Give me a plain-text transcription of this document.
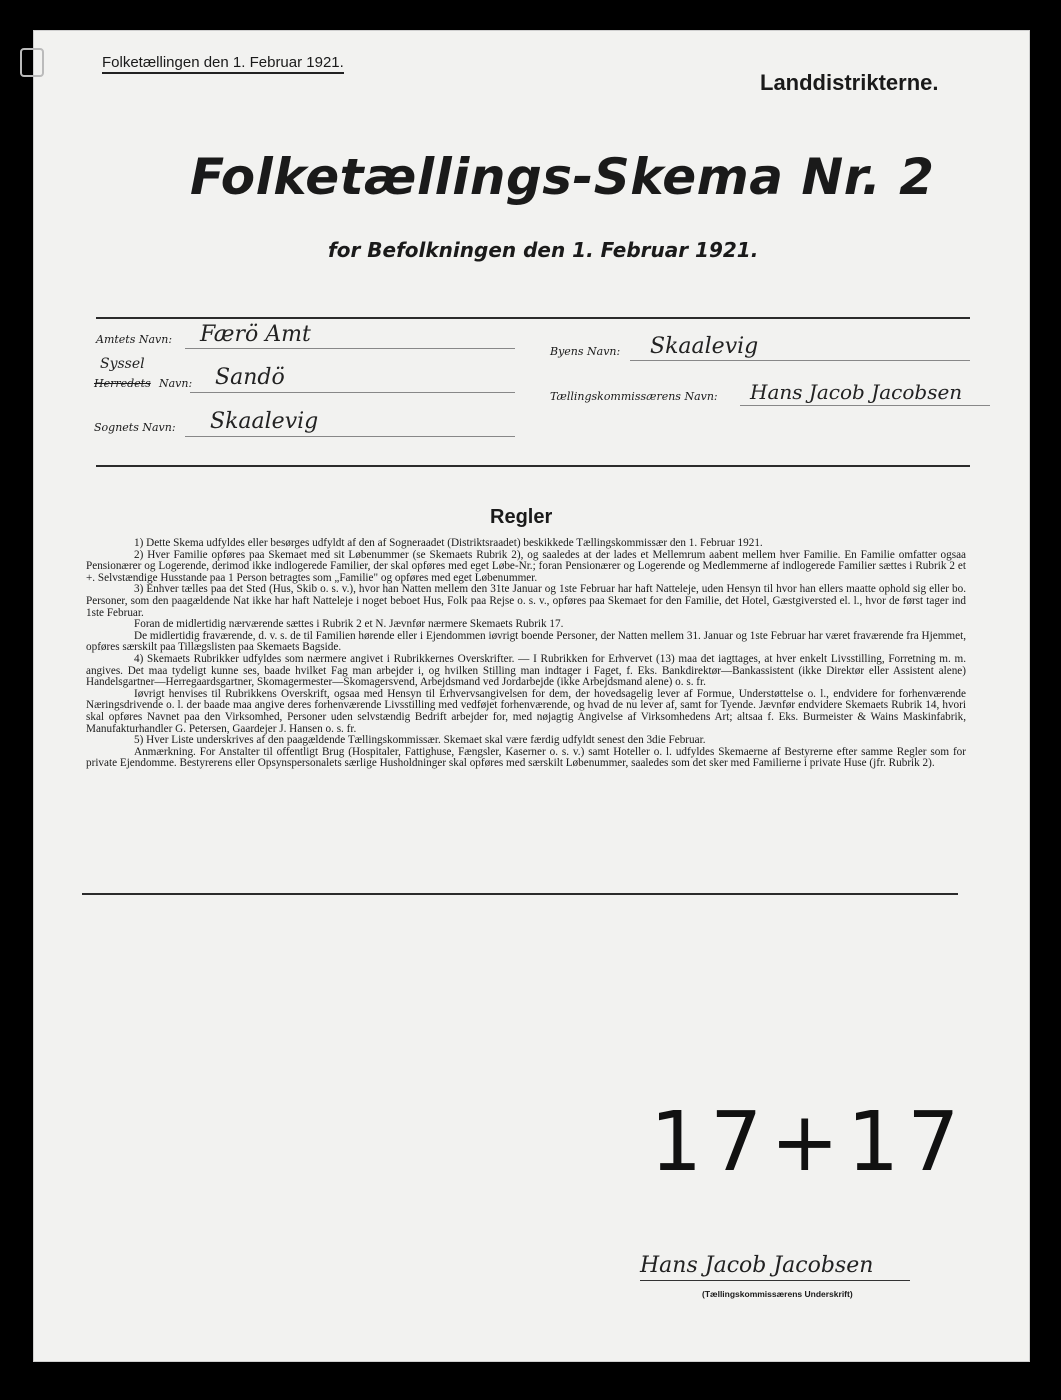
Folketællingen den 1. Februar 1921.
Landdistrikterne.
Folketællings-Skema Nr. 2
for Befolkningen den 1. Februar 1921.
Amtets Navn: Færö Amt
Syssel
Herredets Navn: Sandö
Sognets Navn: Skaalevig
Byens Navn: Skaalevig
Tællingskommissærens Navn: Hans Jacob Jacobsen
Regler

1) Dette Skema udfyldes eller besørges udfyldt af den af Sogneraadet (Distriktsraadet) beskikkede Tællingskommissær den 1. Februar 1921.

2) Hver Familie opføres paa Skemaet med sit Løbenummer (se Skemaets Rubrik 2), og saaledes at der lades et Mellemrum aabent mellem hver Familie. En Familie omfatter ogsaa Pensionærer og Logerende, derimod ikke indlogerede Familier, der skal opføres med eget Løbe-Nr.; foran Pensionærer og Logerende og Medlemmerne af indlogerede Familier sættes i Rubrik 2 et +. Selvstændige Husstande paa 1 Person betragtes som „Familie" og opføres med eget Løbenummer.

3) Enhver tælles paa det Sted (Hus, Skib o. s. v.), hvor han Natten mellem den 31te Januar og 1ste Februar har haft Natteleje, uden Hensyn til hvor han ellers maatte ophold sig eller bo. Personer, som den paagældende Nat ikke har haft Natteleje i noget beboet Hus, Folk paa Rejse o. s. v., opføres paa Skemaet for den Familie, det Hotel, Gæstgiversted el. l., hvor de først tager ind 1ste Februar.

Foran de midlertidig nærværende sættes i Rubrik 2 et N. Jævnfør nærmere Skemaets Rubrik 17.

De midlertidig fraværende, d. v. s. de til Familien hørende eller i Ejendommen iøvrigt boende Personer, der Natten mellem 31. Januar og 1ste Februar har været fraværende fra Hjemmet, opføres særskilt paa Tillægslisten paa Skemaets Bagside.

4) Skemaets Rubrikker udfyldes som nærmere angivet i Rubrikkernes Overskrifter. — I Rubrikken for Erhvervet (13) maa det iagttages, at hver enkelt Livsstilling, Forretning m. m. angives. Det maa tydeligt kunne ses, baade hvilket Fag man arbejder i, og hvilken Stilling man indtager i Faget, f. Eks. Bankdirektør—Bankassistent (ikke Direktør eller Assistent alene) Handelsgartner—Herregaardsgartner, Skomagermester—Skomagersvend, Arbejdsmand ved Jordarbejde (ikke Arbejdsmand alene) o. s. fr.

Iøvrigt henvises til Rubrikkens Overskrift, ogsaa med Hensyn til Erhvervsangivelsen for dem, der hovedsagelig lever af Formue, Understøttelse o. l., endvidere for forhenværende Næringsdrivende o. l. der baade maa angive deres forhenværende Livsstilling med vedføjet forhenværende, og hvad de nu lever af, samt for Tyende. Jævnfør endvidere Skemaets Rubrik 14, hvori skal opføres Navnet paa den Virksomhed, Personer uden selvstændig Bedrift arbejder for, med nøjagtig Angivelse af Virksomhedens Art; altsaa f. Eks. Burmeister & Wains Maskinfabrik, Manufakturhandler G. Petersen, Gaardejer J. Hansen o. s. fr.

5) Hver Liste underskrives af den paagældende Tællingskommissær. Skemaet skal være færdig udfyldt senest den 3die Februar.

Anmærkning. For Anstalter til offentligt Brug (Hospitaler, Fattighuse, Fængsler, Kaserner o. s. v.) samt Hoteller o. l. udfyldes Skemaerne af Bestyrerne efter samme Regler som for private Ejendomme. Bestyrerens eller Opsynspersonalets særlige Husholdninger skal opføres med særskilt Løbenummer, saaledes som det sker med Familierne i private Huse (jfr. Rubrik 2).

17+17
Hans Jacob Jacobsen
(Tællingskommissærens Underskrift)
